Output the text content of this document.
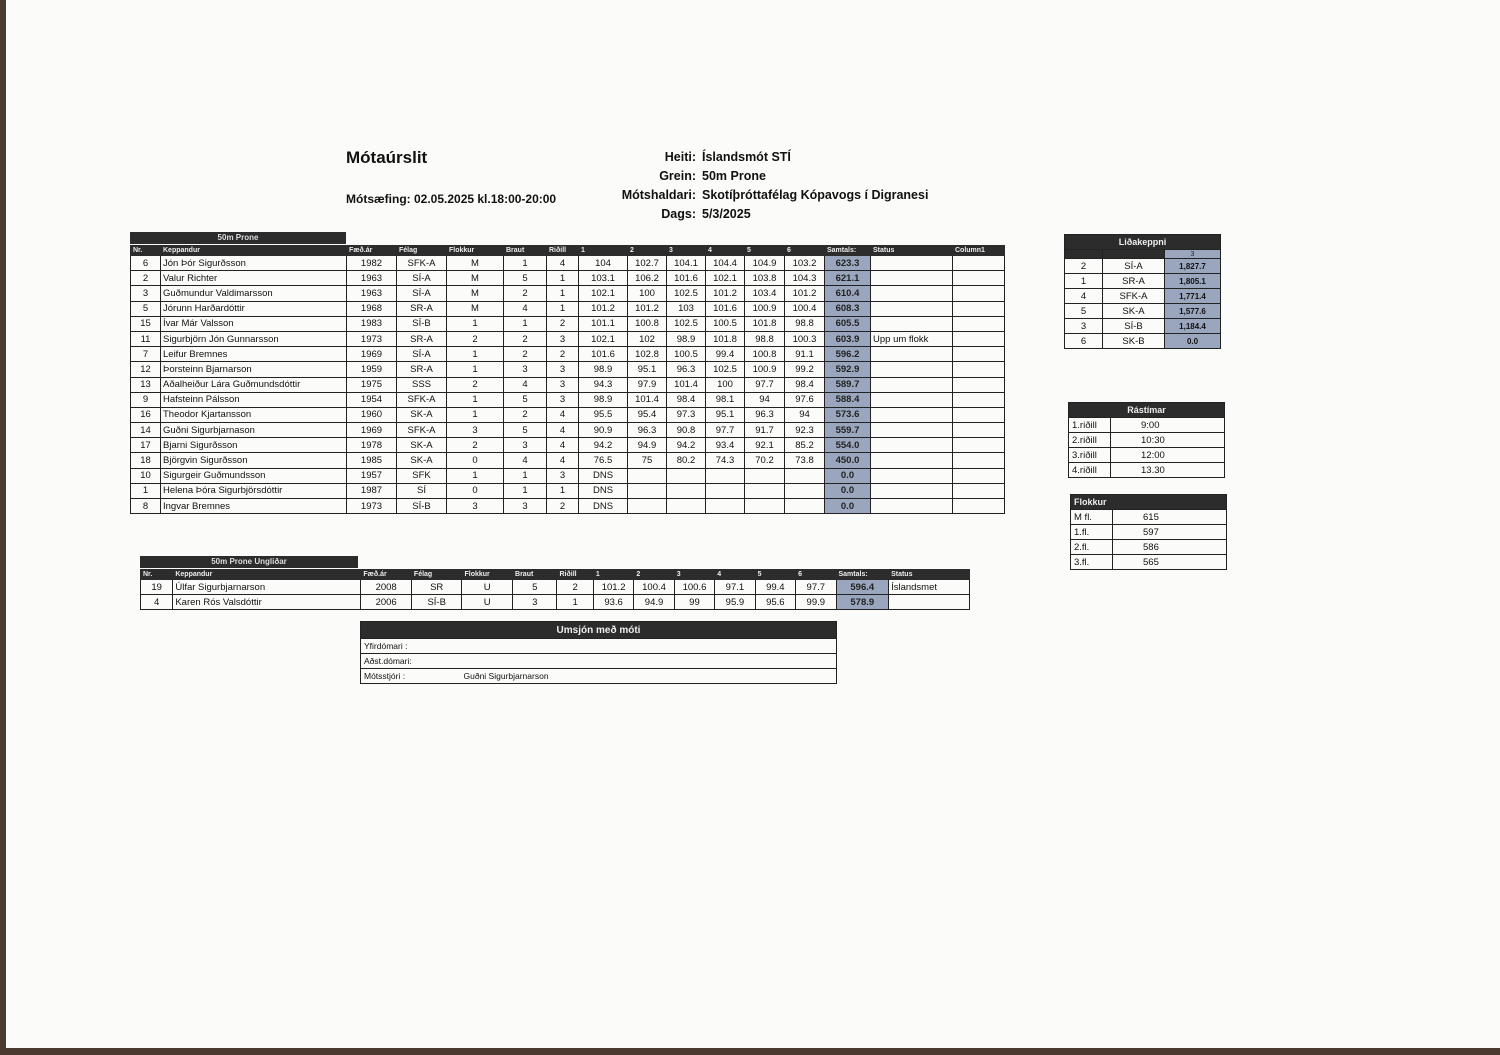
Mótaúrslit
Mótsæfing: 02.05.2025 kl.18:00-20:00
Heiti: Íslandsmót STÍ
Grein: 50m Prone
Mótshaldari: Skotíþróttafélag Kópavogs í Digranesi
Dags: 5/3/2025
50m Prone
Nr.	Keppandur	Fæð.ár	Félag	Flokkur	Braut	Riðill	1	2	3	4	5	6	Samtals:	Status	Column1
6	Jón Þór Sigurðsson	1982	SFK-A	M	1	4	104	102.7	104.1	104.4	104.9	103.2	623.3		
2	Valur Richter	1963	SÍ-A	M	5	1	103.1	106.2	101.6	102.1	103.8	104.3	621.1		
3	Guðmundur Valdimarsson	1963	SÍ-A	M	2	1	102.1	100	102.5	101.2	103.4	101.2	610.4		
5	Jórunn Harðardóttir	1968	SR-A	M	4	1	101.2	101.2	103	101.6	100.9	100.4	608.3		
15	Ívar Már Valsson	1983	SÍ-B	1	1	2	101.1	100.8	102.5	100.5	101.8	98.8	605.5		
11	Sigurbjörn Jón Gunnarsson	1973	SR-A	2	2	3	102.1	102	98.9	101.8	98.8	100.3	603.9	Upp um flokk	
7	Leifur Bremnes	1969	SÍ-A	1	2	2	101.6	102.8	100.5	99.4	100.8	91.1	596.2		
12	Þorsteinn Bjarnarson	1959	SR-A	1	3	3	98.9	95.1	96.3	102.5	100.9	99.2	592.9		
13	Aðalheiður Lára Guðmundsdóttir	1975	SSS	2	4	3	94.3	97.9	101.4	100	97.7	98.4	589.7		
9	Hafsteinn Pálsson	1954	SFK-A	1	5	3	98.9	101.4	98.4	98.1	94	97.6	588.4		
16	Theodor Kjartansson	1960	SK-A	1	2	4	95.5	95.4	97.3	95.1	96.3	94	573.6		
14	Guðni Sigurbjarnason	1969	SFK-A	3	5	4	90.9	96.3	90.8	97.7	91.7	92.3	559.7		
17	Bjarni Sigurðsson	1978	SK-A	2	3	4	94.2	94.9	94.2	93.4	92.1	85.2	554.0		
18	Björgvin Sigurðsson	1985	SK-A	0	4	4	76.5	75	80.2	74.3	70.2	73.8	450.0		
10	Sigurgeir Guðmundsson	1957	SFK	1	1	3	DNS						0.0		
1	Helena Þóra Sigurbjörsdóttir	1987	SÍ	0	1	1	DNS						0.0		
8	Ingvar Bremnes	1973	SÍ-B	3	3	2	DNS						0.0		
50m Prone Ungliðar
Nr.	Keppandur	Fæð.ár	Félag	Flokkur	Braut	Riðill	1	2	3	4	5	6	Samtals:	Status
19	Úlfar Sigurbjarnarson	2008	SR	U	5	2	101.2	100.4	100.6	97.1	99.4	97.7	596.4	Íslandsmet
4	Karen Rós Valsdóttir	2006	SÍ-B	U	3	1	93.6	94.9	99	95.9	95.6	99.9	578.9	
Umsjón með móti	
Yfirdómari :	
Aðst.dómari:	
Mótsstjóri :	Guðni Sigurbjarnarson
Liðakeppni		
		3
2	SÍ-A	1,827.7
1	SR-A	1,805.1
4	SFK-A	1,771.4
5	SK-A	1,577.6
3	SÍ-B	1,184.4
6	SK-B	0.0
Rástímar	
1.riðill	9:00
2.riðill	10:30
3.riðill	12:00
4.riðill	13.30
Flokkur	
M fl.	615
1.fl.	597
2.fl.	586
3.fl.	565
